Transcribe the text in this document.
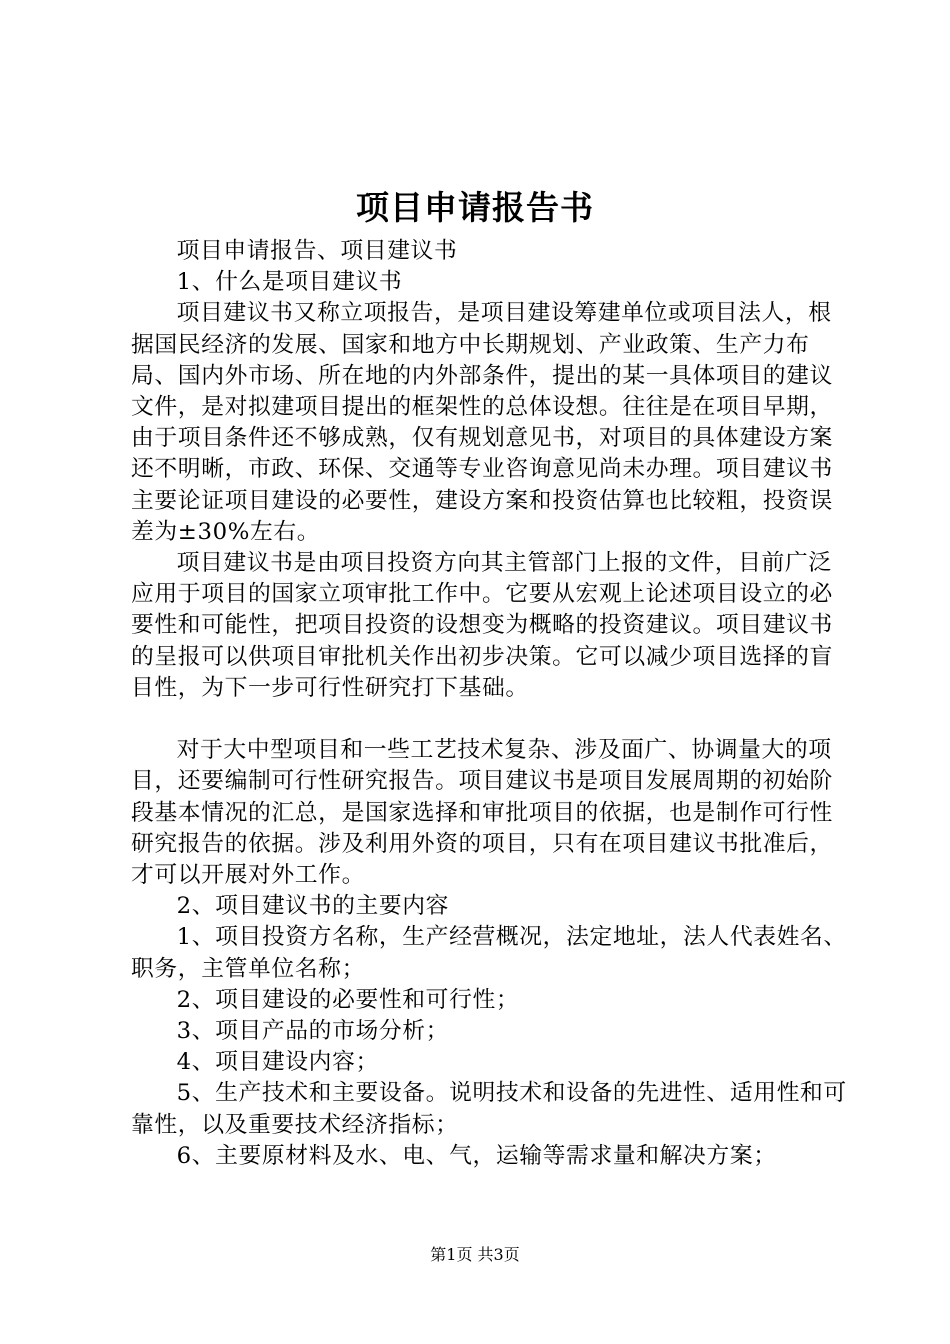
项目申请报告书

项目申请报告、项目建议书

1、什么是项目建议书

项目建议书又称立项报告，是项目建设筹建单位或项目法人，根据国民经济的发展、国家和地方中长期规划、产业政策、生产力布局、国内外市场、所在地的内外部条件，提出的某一具体项目的建议文件，是对拟建项目提出的框架性的总体设想。往往是在项目早期，由于项目条件还不够成熟，仅有规划意见书，对项目的具体建设方案还不明晰，市政、环保、交通等专业咨询意见尚未办理。项目建议书主要论证项目建设的必要性，建设方案和投资估算也比较粗，投资误差为±30%左右。

项目建议书是由项目投资方向其主管部门上报的文件，目前广泛应用于项目的国家立项审批工作中。它要从宏观上论述项目设立的必要性和可能性，把项目投资的设想变为概略的投资建议。项目建议书的呈报可以供项目审批机关作出初步决策。它可以减少项目选择的盲目性，为下一步可行性研究打下基础。

对于大中型项目和一些工艺技术复杂、涉及面广、协调量大的项目，还要编制可行性研究报告。项目建议书是项目发展周期的初始阶段基本情况的汇总，是国家选择和审批项目的依据，也是制作可行性研究报告的依据。涉及利用外资的项目，只有在项目建议书批准后，才可以开展对外工作。

2、项目建议书的主要内容

1、项目投资方名称，生产经营概况，法定地址，法人代表姓名、职务，主管单位名称；

2、项目建设的必要性和可行性；

3、项目产品的市场分析；

4、项目建设内容；

5、生产技术和主要设备。说明技术和设备的先进性、适用性和可靠性，以及重要技术经济指标；

6、主要原材料及水、电、气，运输等需求量和解决方案；

第1页 共3页
